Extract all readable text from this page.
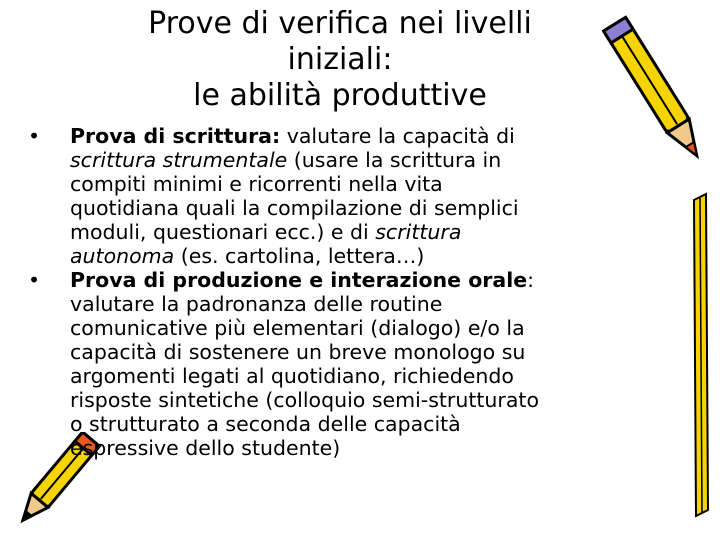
Prove di verifica nei livelli
iniziali:
le abilità produttive
•	Prova di scrittura: valutare la capacità di
scrittura strumentale (usare la scrittura in
compiti minimi e ricorrenti nella vita
quotidiana quali la compilazione di semplici
moduli, questionari ecc.) e di scrittura
autonoma (es. cartolina, lettera…)
•	Prova di produzione e interazione orale:
valutare la padronanza delle routine
comunicative più elementari (dialogo) e/o la
capacità di sostenere un breve monologo su
argomenti legati al quotidiano, richiedendo
risposte sintetiche (colloquio semi-strutturato
o strutturato a seconda delle capacità
espressive dello studente)
